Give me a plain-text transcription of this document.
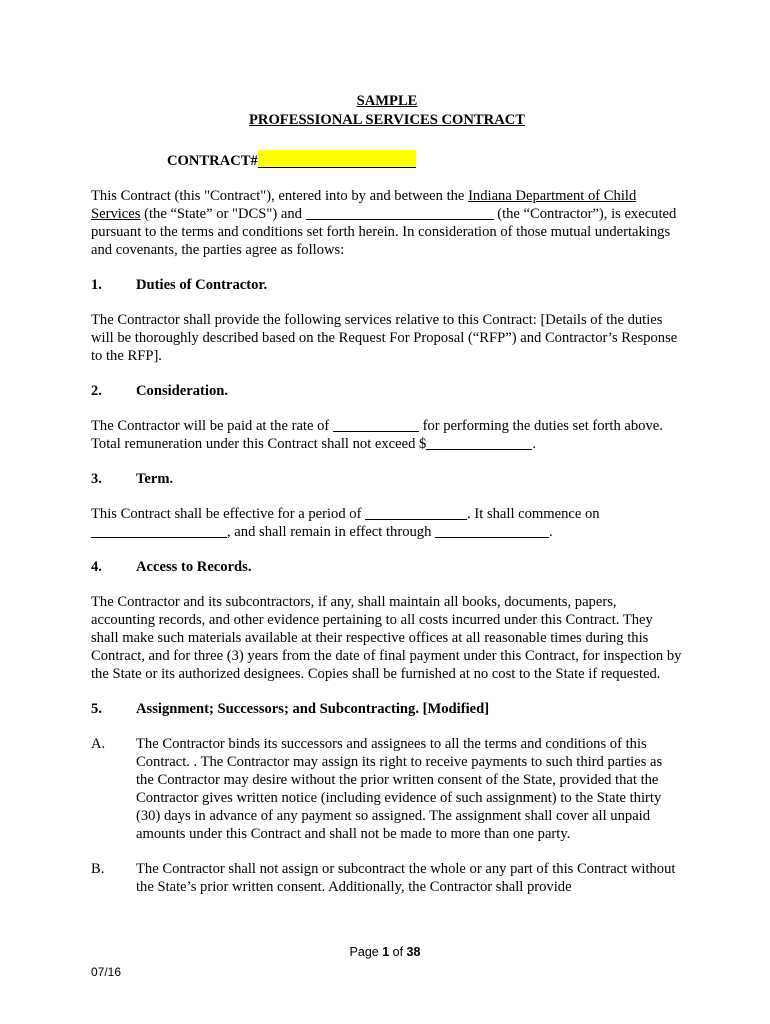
SAMPLE
PROFESSIONAL SERVICES CONTRACT
CONTRACT#

This Contract (this "Contract"), entered into by and between the Indiana Department of Child Services (the “State” or "DCS") and	(the “Contractor”), is executed pursuant to the terms and conditions set forth herein. In consideration of those mutual undertakings and covenants, the parties agree as follows:

1.	Duties of Contractor.

The Contractor shall provide the following services relative to this Contract: [Details of the duties will be thoroughly described based on the Request For Proposal (“RFP”) and Contractor’s Response to the RFP].

2.	Consideration.

The Contractor will be paid at the rate of	for performing the duties set forth above. Total remuneration under this Contract shall not exceed $	.

3.	Term.

This Contract shall be effective for a period of	. It shall commence on , and shall remain in effect through	.

4.	Access to Records.

The Contractor and its subcontractors, if any, shall maintain all books, documents, papers, accounting records, and other evidence pertaining to all costs incurred under this Contract. They shall make such materials available at their respective offices at all reasonable times during this Contract, and for three (3) years from the date of final payment under this Contract, for inspection by the State or its authorized designees. Copies shall be furnished at no cost to the State if requested.

5.	Assignment; Successors; and Subcontracting. [Modified]
A.	The Contractor binds its successors and assignees to all the terms and conditions of this Contract. . The Contractor may assign its right to receive payments to such third parties as the Contractor may desire without the prior written consent of the State, provided that the Contractor gives written notice (including evidence of such assignment) to the State thirty (30) days in advance of any payment so assigned. The assignment shall cover all unpaid amounts under this Contract and shall not be made to more than one party.
B.	The Contractor shall not assign or subcontract the whole or any part of this Contract without the State’s prior written consent. Additionally, the Contractor shall provide
Page 1 of 38
07/16
